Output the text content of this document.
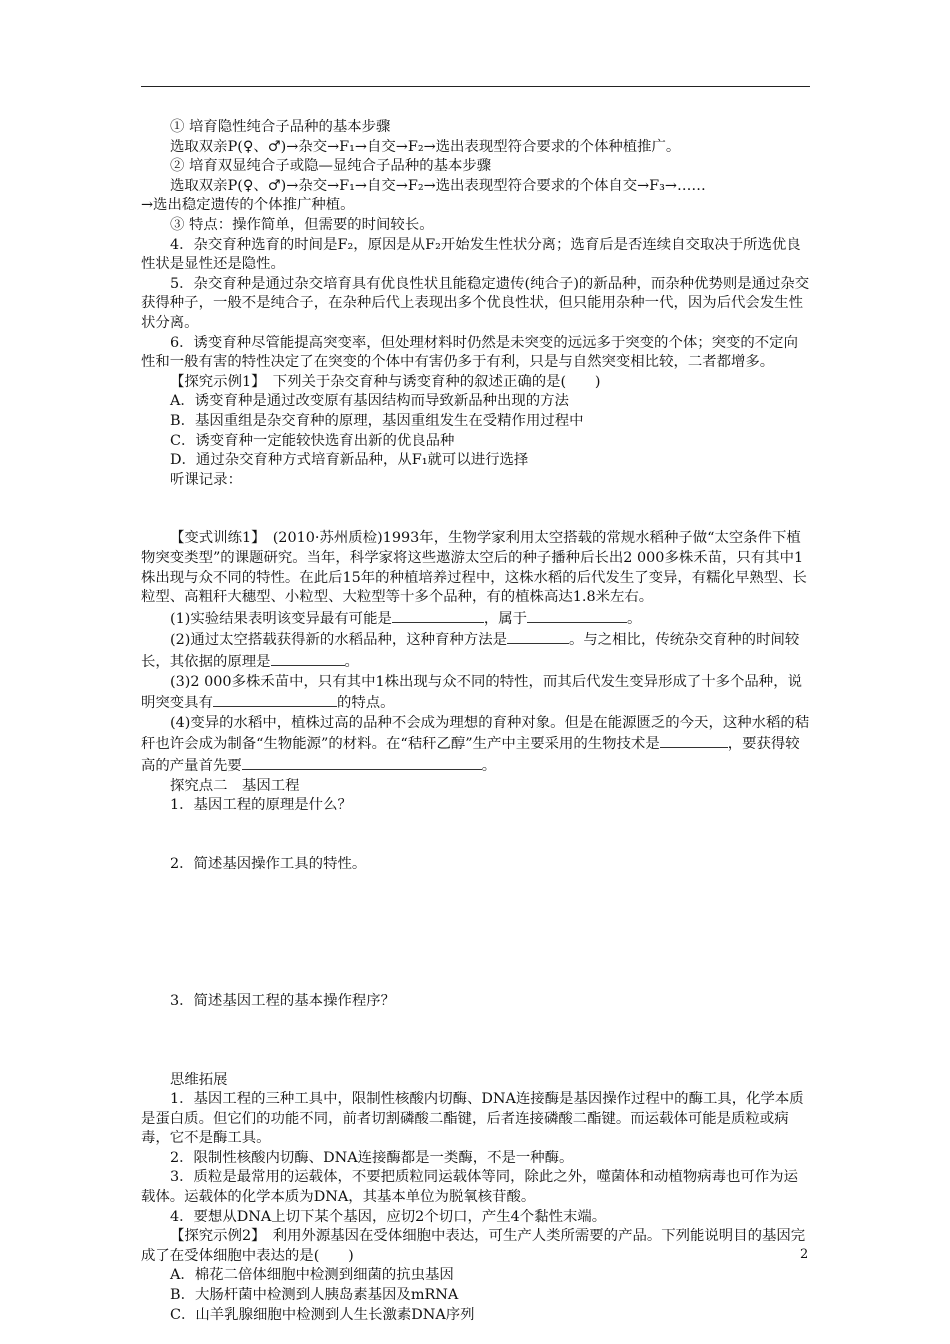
① 培育隐性纯合子品种的基本步骤

选取双亲P(♀、♂)→杂交→F₁→自交→F₂→选出表现型符合要求的个体种植推广。

② 培育双显纯合子或隐—显纯合子品种的基本步骤

选取双亲P(♀、♂)→杂交→F₁→自交→F₂→选出表现型符合要求的个体自交→F₃→……

→选出稳定遗传的个体推广种植。

③ 特点：操作简单，但需要的时间较长。

4．杂交育种选育的时间是F₂，原因是从F₂开始发生性状分离；选育后是否连续自交取决于所选优良性状是显性还是隐性。

5．杂交育种是通过杂交培育具有优良性状且能稳定遗传(纯合子)的新品种，而杂种优势则是通过杂交获得种子，一般不是纯合子，在杂种后代上表现出多个优良性状，但只能用杂种一代，因为后代会发生性状分离。

6．诱变育种尽管能提高突变率，但处理材料时仍然是未突变的远远多于突变的个体；突变的不定向性和一般有害的特性决定了在突变的个体中有害仍多于有利，只是与自然突变相比较，二者都增多。

【探究示例1】　下列关于杂交育种与诱变育种的叙述正确的是(　　)

A．诱变育种是通过改变原有基因结构而导致新品种出现的方法

B．基因重组是杂交育种的原理，基因重组发生在受精作用过程中

C．诱变育种一定能较快选育出新的优良品种

D．通过杂交育种方式培育新品种，从F₁就可以进行选择

听课记录：

【变式训练1】　(2010·苏州质检)1993年，生物学家利用太空搭载的常规水稻种子做“太空条件下植物突变类型”的课题研究。当年，科学家将这些遨游太空后的种子播种后长出2 000多株禾苗，只有其中1株出现与众不同的特性。在此后15年的种植培养过程中，这株水稻的后代发生了变异，有糯化早熟型、长粒型、高粗秆大穗型、小粒型、大粒型等十多个品种，有的植株高达1.8米左右。

(1)实验结果表明该变异最有可能是	，属于	。

(2)通过太空搭载获得新的水稻品种，这种育种方法是	。与之相比，传统杂交育种的时间较长，其依据的原理是	。

(3)2 000多株禾苗中，只有其中1株出现与众不同的特性，而其后代发生变异形成了十多个品种，说明突变具有	的特点。

(4)变异的水稻中，植株过高的品种不会成为理想的育种对象。但是在能源匮乏的今天，这种水稻的秸秆也许会成为制备“生物能源”的材料。在“秸秆乙醇”生产中主要采用的生物技术是	，要获得较高的产量首先要	。

探究点二　基因工程

1．基因工程的原理是什么？

2．简述基因操作工具的特性。

3．简述基因工程的基本操作程序？

思维拓展

1．基因工程的三种工具中，限制性核酸内切酶、DNA连接酶是基因操作过程中的酶工具，化学本质是蛋白质。但它们的功能不同，前者切割磷酸二酯键，后者连接磷酸二酯键。而运载体可能是质粒或病毒，它不是酶工具。

2．限制性核酸内切酶、DNA连接酶都是一类酶，不是一种酶。

3．质粒是最常用的运载体，不要把质粒同运载体等同，除此之外，噬菌体和动植物病毒也可作为运载体。运载体的化学本质为DNA，其基本单位为脱氧核苷酸。

4．要想从DNA上切下某个基因，应切2个切口，产生4个黏性末端。

【探究示例2】　利用外源基因在受体细胞中表达，可生产人类所需要的产品。下列能说明目的基因完成了在受体细胞中表达的是(　　)

A．棉花二倍体细胞中检测到细菌的抗虫基因

B．大肠杆菌中检测到人胰岛素基因及mRNA

C．山羊乳腺细胞中检测到人生长激素DNA序列

2
